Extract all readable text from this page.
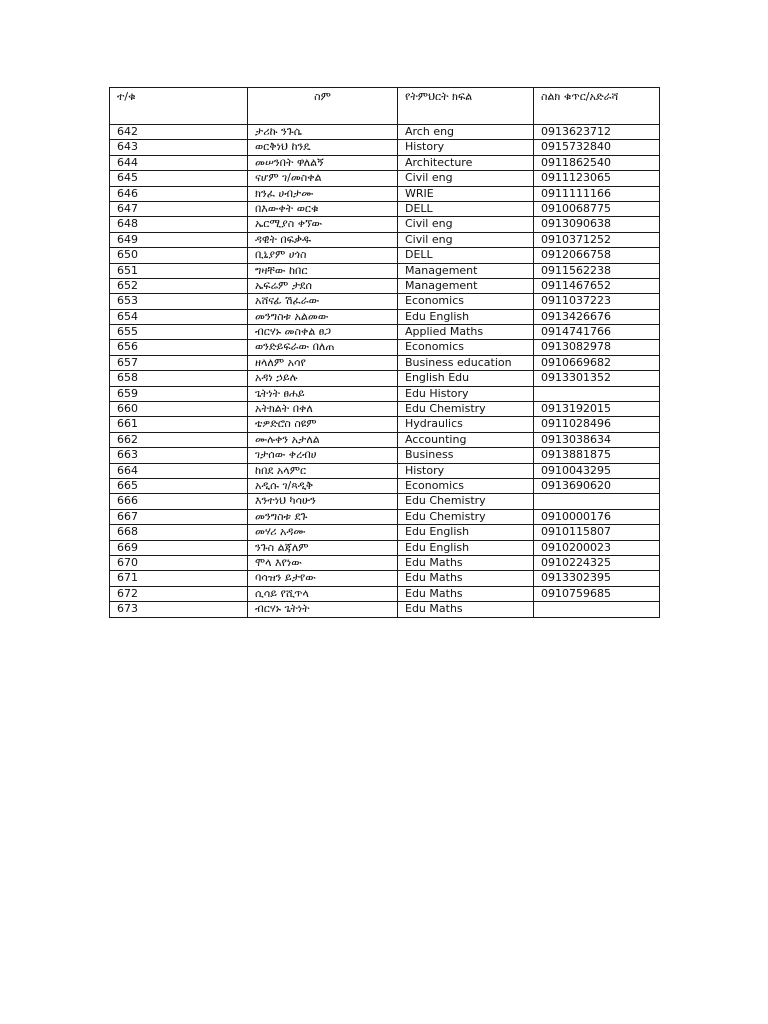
ተ/ቁ	ስም	የትምህርት ክፍል	ስልክ ቁጥር/አድራሻ
642	ታሪኩ ንጉሴ	Arch eng	0913623712
643	ወርቅነህ ከንዴ	History	0915732840
644	መሠንበት ዋለልኝ	Architecture	0911862540
645	ናሆም ገ/መስቀል	Civil eng	0911123065
646	ክንፈ ሀብታሙ	WRIE	0911111166
647	በእውቀት ወርቁ	DELL	0910068775
648	ኤርሚያስ ቀኘው	Civil eng	0913090638
649	ዳዊት በፍቃዱ	Civil eng	0910371252
650	ቢኒያም ሀጎስ	DELL	0912066758
651	ግዛቸው ከበር	Management	0911562238
652	ኤፍሬም ታደሰ	Management	0911467652
653	አሸናፊ ሽፈራው	Economics	0911037223
654	መንግስቱ አልመው	Edu English	0913426676
655	ብርሃኑ መስቀል ፀጋ	Applied Maths	0914741766
656	ወንድይፍራው በለጠ	Economics	0913082978
657	ዘላለም አሳየ	Business education	0910669682
658	አዳነ ኃይሉ	English Edu	0913301352
659	ጌትነት ፀሐይ	Edu History	
660	አትክልት በቀለ	Edu Chemistry	0913192015
661	ቴዎድሮስ ስዩም	Hydraulics	0911028496
662	ሙሉቀን አታለል	Accounting	0913038634
663	ገታሰው ቀረብሀ	Business	0913881875
664	ከበደ አላምር	History	0910043295
665	አዲሱ ገ/ጻዲቅ	Economics	0913690620
666	እንተነህ ካሳሁን	Edu Chemistry	
667	መንግስቱ ደጉ	Edu Chemistry	0910000176
668	መሃሪ አዳሙ	Edu English	0910115807
669	ንጉስ ልጃለም	Edu English	0910200023
670	ሞላ እየነው	Edu Maths	0910224325
671	ባሳዝን ይታየው	Edu Maths	0913302395
672	ሲሳይ የሺጥላ	Edu Maths	0910759685
673	ብርሃኑ ጌትነት	Edu Maths	
